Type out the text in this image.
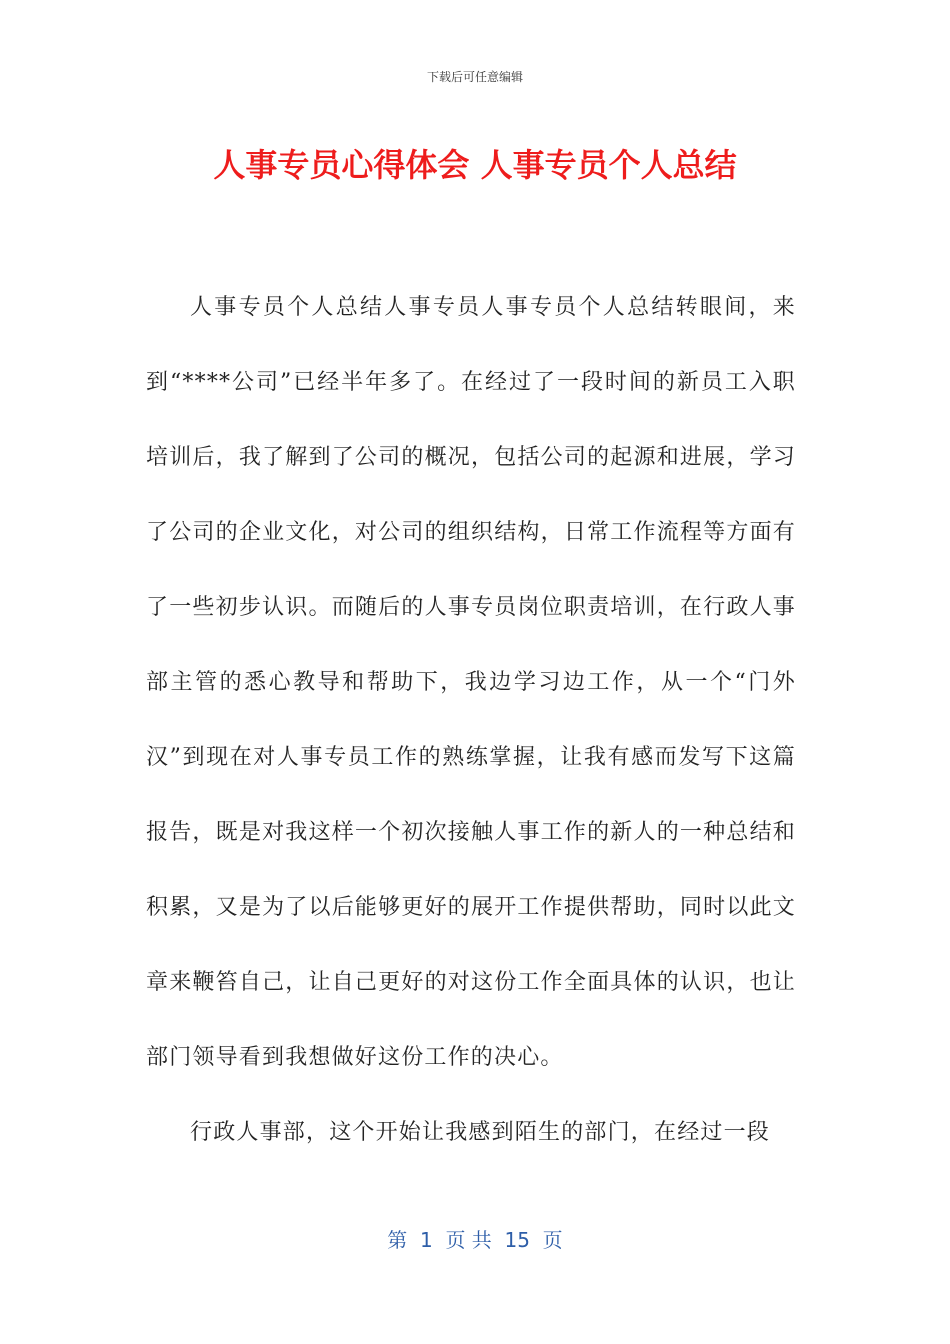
下载后可任意编辑
人事专员心得体会 人事专员个人总结

人事专员个人总结人事专员人事专员个人总结转眼间，来到“****公司”已经半年多了。在经过了一段时间的新员工入职培训后，我了解到了公司的概况，包括公司的起源和进展，学习了公司的企业文化，对公司的组织结构，日常工作流程等方面有了一些初步认识。而随后的人事专员岗位职责培训，在行政人事部主管的悉心教导和帮助下，我边学习边工作，从一个“门外汉”到现在对人事专员工作的熟练掌握，让我有感而发写下这篇报告，既是对我这样一个初次接触人事工作的新人的一种总结和积累，又是为了以后能够更好的展开工作提供帮助，同时以此文章来鞭笞自己，让自己更好的对这份工作全面具体的认识，也让部门领导看到我想做好这份工作的决心。

行政人事部，这个开始让我感到陌生的部门，在经过一段

第  1  页 共  15  页
